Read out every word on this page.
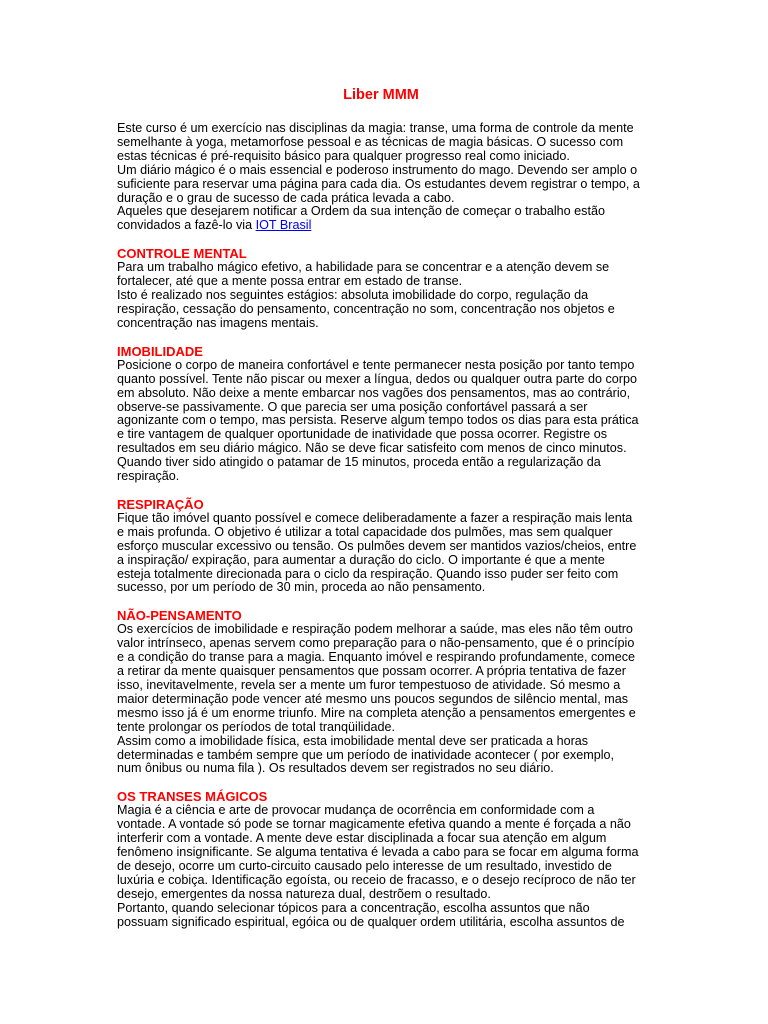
Liber MMM

Este curso é um exercício nas disciplinas da magia: transe, uma forma de controle da mente

semelhante à yoga, metamorfose pessoal e as técnicas de magia básicas. O sucesso com

estas técnicas é pré-requisito básico para qualquer progresso real como iniciado.

Um diário mágico é o mais essencial e poderoso instrumento do mago. Devendo ser amplo o

suficiente para reservar uma página para cada dia. Os estudantes devem registrar o tempo, a

duração e o grau de sucesso de cada prática levada a cabo.

Aqueles que desejarem notificar a Ordem da sua intenção de começar o trabalho estão

convidados a fazê-lo via IOT Brasil

CONTROLE MENTAL

Para um trabalho mágico efetivo, a habilidade para se concentrar e a atenção devem se

fortalecer, até que a mente possa entrar em estado de transe.

Isto é realizado nos seguintes estágios: absoluta imobilidade do corpo, regulação da

respiração, cessação do pensamento, concentração no som, concentração nos objetos e

concentração nas imagens mentais.

IMOBILIDADE

Posicione o corpo de maneira confortável e tente permanecer nesta posição por tanto tempo

quanto possível. Tente não piscar ou mexer a língua, dedos ou qualquer outra parte do corpo

em absoluto. Não deixe a mente embarcar nos vagões dos pensamentos, mas ao contrário,

observe-se passivamente. O que parecia ser uma posição confortável passará a ser

agonizante com o tempo, mas persista. Reserve algum tempo todos os dias para esta prática

e tire vantagem de qualquer oportunidade de inatividade que possa ocorrer. Registre os

resultados em seu diário mágico. Não se deve ficar satisfeito com menos de cinco minutos.

Quando tiver sido atingido o patamar de 15 minutos, proceda então a regularização da

respiração.

RESPIRAÇÃO

Fique tão imóvel quanto possível e comece deliberadamente a fazer a respiração mais lenta

e mais profunda. O objetivo é utilizar a total capacidade dos pulmões, mas sem qualquer

esforço muscular excessivo ou tensão. Os pulmões devem ser mantidos vazios/cheios, entre

a inspiração/ expiração, para aumentar a duração do ciclo. O importante é que a mente

esteja totalmente direcionada para o ciclo da respiração. Quando isso puder ser feito com

sucesso, por um período de 30 min, proceda ao não pensamento.

NÃO-PENSAMENTO

Os exercícios de imobilidade e respiração podem melhorar a saúde, mas eles não têm outro

valor intrínseco, apenas servem como preparação para o não-pensamento, que é o princípio

e a condição do transe para a magia. Enquanto imóvel e respirando profundamente, comece

a retirar da mente quaisquer pensamentos que possam ocorrer. A própria tentativa de fazer

isso, inevitavelmente, revela ser a mente um furor tempestuoso de atividade. Só mesmo a

maior determinação pode vencer até mesmo uns poucos segundos de silêncio mental, mas

mesmo isso já é um enorme triunfo. Mire na completa atenção a pensamentos emergentes e

tente prolongar os períodos de total tranqüilidade.

Assim como a imobilidade física, esta imobilidade mental deve ser praticada a horas

determinadas e também sempre que um período de inatividade acontecer ( por exemplo,

num ônibus ou numa fila ). Os resultados devem ser registrados no seu diário.

OS TRANSES MÁGICOS

Magia é a ciência e arte de provocar mudança de ocorrência em conformidade com a

vontade. A vontade só pode se tornar magicamente efetiva quando a mente é forçada a não

interferir com a vontade. A mente deve estar disciplinada a focar sua atenção em algum

fenômeno insignificante. Se alguma tentativa é levada a cabo para se focar em alguma forma

de desejo, ocorre um curto-circuito causado pelo interesse de um resultado, investido de

luxúria e cobiça. Identificação egoísta, ou receio de fracasso, e o desejo recíproco de não ter

desejo, emergentes da nossa natureza dual, destrõem o resultado.

Portanto, quando selecionar tópicos para a concentração, escolha assuntos que não

possuam significado espiritual, egóica ou de qualquer ordem utilitária, escolha assuntos de
